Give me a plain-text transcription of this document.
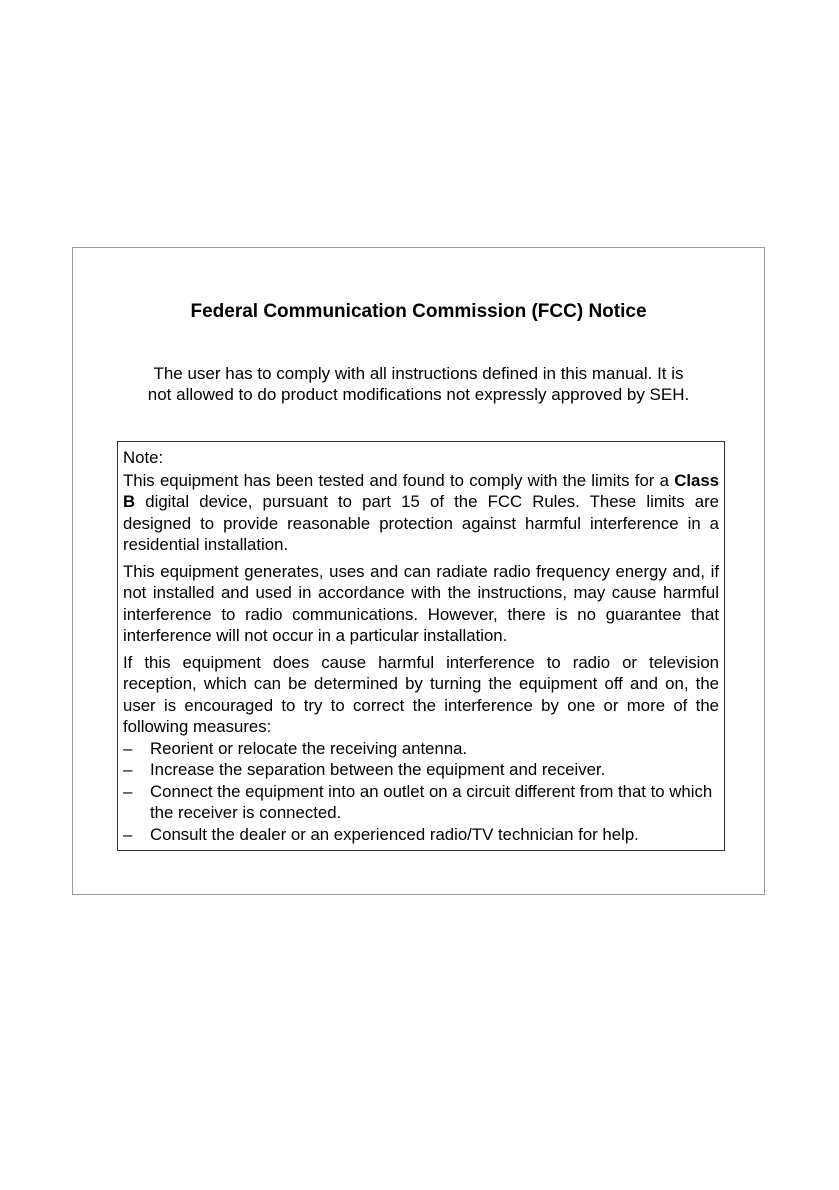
Federal Communication Commission (FCC) Notice

The user has to comply with all instructions defined in this manual. It is
not allowed to do product modifications not expressly approved by SEH.

Note:

This equipment has been tested and found to comply with the limits for a Class B digital device, pursuant to part 15 of the FCC Rules. These limits are designed to provide reasonable protection against harmful interference in a residential installation.

This equipment generates, uses and can radiate radio frequency energy and, if not installed and used in accordance with the instructions, may cause harmful interference to radio communications. However, there is no guarantee that interference will not occur in a particular installation.

If this equipment does cause harmful interference to radio or television reception, which can be determined by turning the equipment off and on, the user is encouraged to try to correct the interference by one or more of the following measures:

–	Reorient or relocate the receiving antenna.
–	Increase the separation between the equipment and receiver.
–	Connect the equipment into an outlet on a circuit different from that to which the receiver is connected.
–	Consult the dealer or an experienced radio/TV technician for help.
